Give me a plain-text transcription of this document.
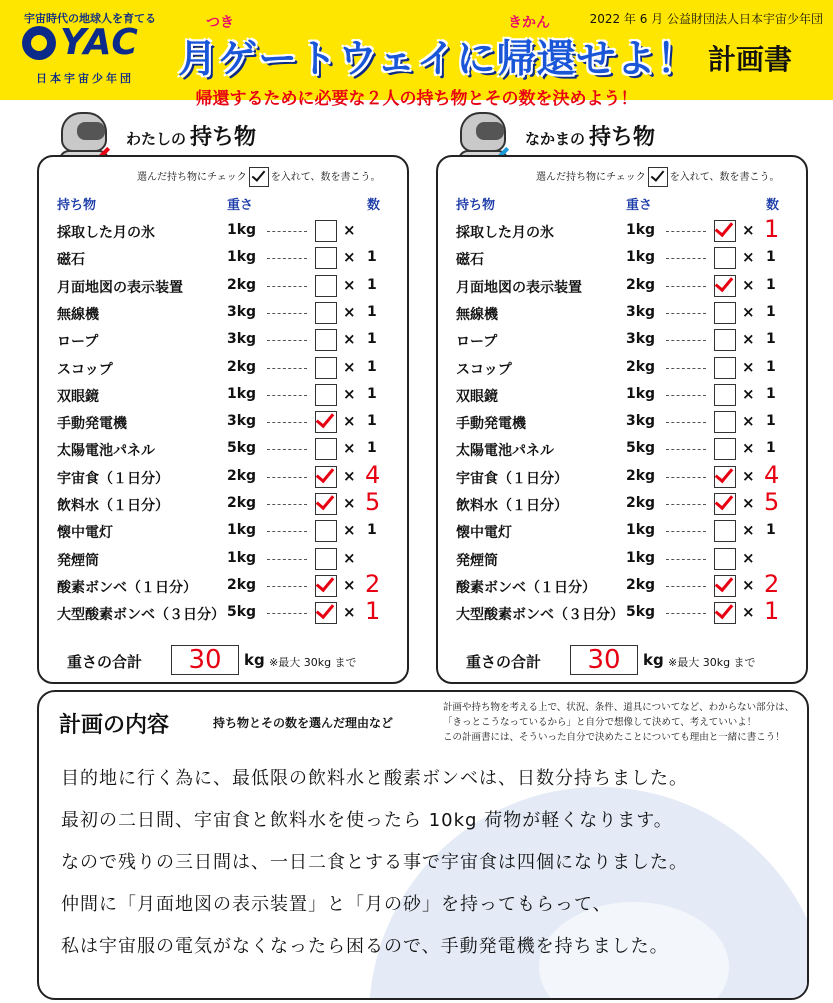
宇宙時代の地球人を育てる
YAC
日本宇宙少年団
つき	きかん
月ゲートウェイに帰還せよ！
2022 年 6 月 公益財団法人日本宇宙少年団
計画書
帰還するために必要な２人の持ち物とその数を決めよう！
わたしの 持ち物	なかまの 持ち物
選んだ持ち物にチェック を入れて、数を書こう。
持ち物	重さ	数
採取した月の氷	1kg	×
磁石	1kg	× 1
月面地図の表示装置	2kg	× 1
無線機	3kg	× 1
ロープ	3kg	× 1
スコップ	2kg	× 1
双眼鏡	1kg	× 1
手動発電機	3kg	× 1
太陽電池パネル	5kg	× 1
宇宙食（１日分）	2kg	× 4
飲料水（１日分）	2kg	× 5
懐中電灯	1kg	× 1
発煙筒	1kg	×
酸素ボンベ（１日分） 2kg	× 2
大型酸素ボンベ（３日分） 5kg	× 1
重さの合計	30	kg ※最大 30kg まで
選んだ持ち物にチェック を入れて、数を書こう。
持ち物	重さ	数
採取した月の氷	1kg	× 1
磁石	1kg	× 1
月面地図の表示装置	2kg	× 1
無線機	3kg	× 1
ロープ	3kg	× 1
スコップ	2kg	× 1
双眼鏡	1kg	× 1
手動発電機	3kg	× 1
太陽電池パネル	5kg	× 1
宇宙食（１日分）	2kg	× 4
飲料水（１日分）	2kg	× 5
懐中電灯	1kg	× 1
発煙筒	1kg	×
酸素ボンベ（１日分） 2kg	× 2
大型酸素ボンベ（３日分） 5kg	× 1
重さの合計	30	kg ※最大 30kg まで
計画の内容	持ち物とその数を選んだ理由など
計画や持ち物を考える上で、状況、条件、道具についてなど、わからない部分は、
「きっとこうなっているから」と自分で想像して決めて、考えていいよ！
この計画書には、そういった自分で決めたことについても理由と一緒に書こう！
目的地に行く為に、最低限の飲料水と酸素ボンベは、日数分持ちました。
最初の二日間、宇宙食と飲料水を使ったら 10kg 荷物が軽くなります。
なので残りの三日間は、一日二食とする事で宇宙食は四個になりました。
仲間に「月面地図の表示装置」と「月の砂」を持ってもらって、
私は宇宙服の電気がなくなったら困るので、手動発電機を持ちました。
